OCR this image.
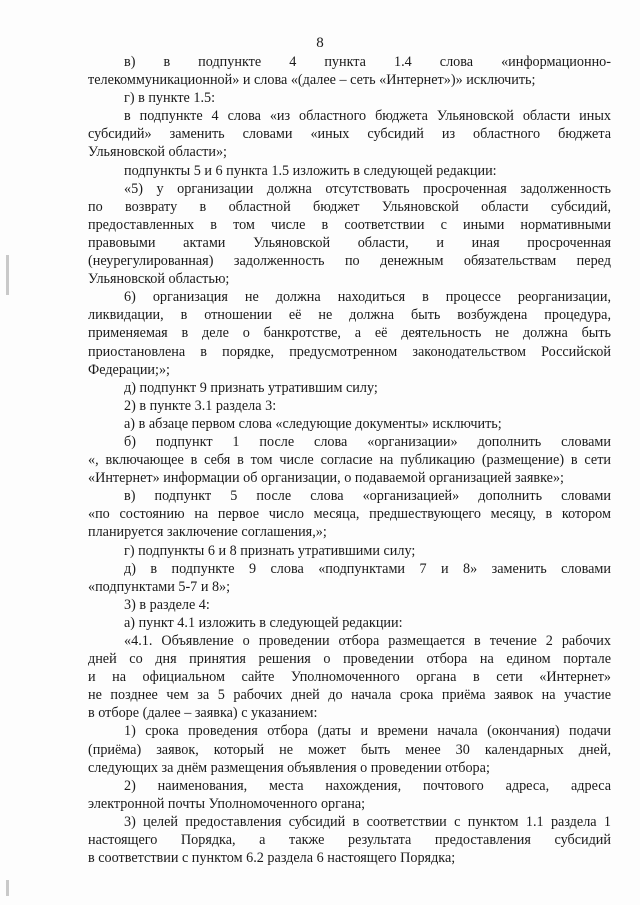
8
в) в подпункте 4 пункта 1.4 слова «информационно-
телекоммуникационной» и слова «(далее – сеть «Интернет»)» исключить;
г) в пункте 1.5:
в подпункте 4 слова «из областного бюджета Ульяновской области иных
субсидий» заменить словами «иных субсидий из областного бюджета
Ульяновской области»;
подпункты 5 и 6 пункта 1.5 изложить в следующей редакции:
«5) у организации должна отсутствовать просроченная задолженность
по возврату в областной бюджет Ульяновской области субсидий,
предоставленных в том числе в соответствии с иными нормативными
правовыми актами Ульяновской области, и иная просроченная
(неурегулированная) задолженность по денежным обязательствам перед
Ульяновской областью;
6) организация не должна находиться в процессе реорганизации,
ликвидации, в отношении её не должна быть возбуждена процедура,
применяемая в деле о банкротстве, а её деятельность не должна быть
приостановлена в порядке, предусмотренном законодательством Российской
Федерации;»;
д) подпункт 9 признать утратившим силу;
2) в пункте 3.1 раздела 3:
а) в абзаце первом слова «следующие документы» исключить;
б) подпункт 1 после слова «организации» дополнить словами
«, включающее в себя в том числе согласие на публикацию (размещение) в сети
«Интернет» информации об организации, о подаваемой организацией заявке»;
в) подпункт 5 после слова «организацией» дополнить словами
«по состоянию на первое число месяца, предшествующего месяцу, в котором
планируется заключение соглашения,»;
г) подпункты 6 и 8 признать утратившими силу;
д) в подпункте 9 слова «подпунктами 7 и 8» заменить словами
«подпунктами 5-7 и 8»;
3) в разделе 4:
а) пункт 4.1 изложить в следующей редакции:
«4.1. Объявление о проведении отбора размещается в течение 2 рабочих
дней со дня принятия решения о проведении отбора на едином портале
и на официальном сайте Уполномоченного органа в сети «Интернет»
не позднее чем за 5 рабочих дней до начала срока приёма заявок на участие
в отборе (далее – заявка) с указанием:
1) срока проведения отбора (даты и времени начала (окончания) подачи
(приёма) заявок, который не может быть менее 30 календарных дней,
следующих за днём размещения объявления о проведении отбора;
2) наименования, места нахождения, почтового адреса, адреса
электронной почты Уполномоченного органа;
3) целей предоставления субсидий в соответствии с пунктом 1.1 раздела 1
настоящего Порядка, а также результата предоставления субсидий
в соответствии с пунктом 6.2 раздела 6 настоящего Порядка;
